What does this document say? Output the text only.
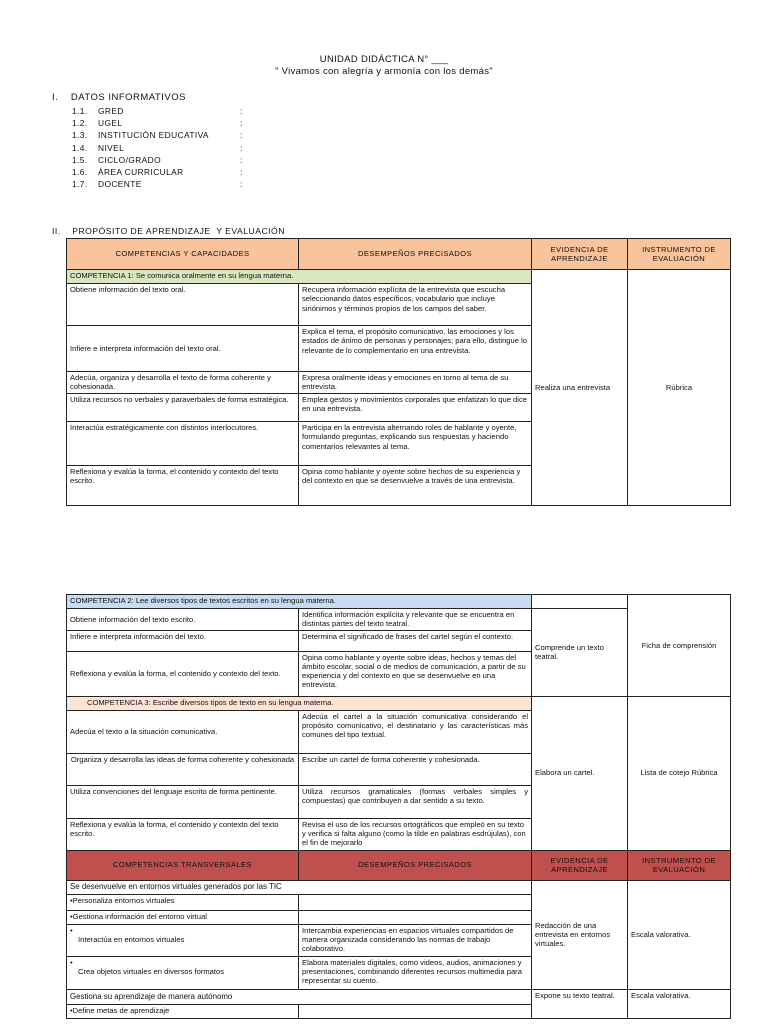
UNIDAD DIDÁCTICA N° ___
" Vivamos con alegría y armonía con los demás"
I.    DATOS INFORMATIVOS
1.1.	GRED	:
1.2.	UGEL	:
1.3.	INSTITUCIÓN EDUCATIVA	:
1.4.	NIVEL	:
1.5.	CICLO/GRADO	:
1.6.	ÁREA CURRICULAR	:
1.7.	DOCENTE	:
II.    PROPÓSITO DE APRENDIZAJE  Y EVALUACIÓN
COMPETENCIAS Y CAPACIDADES	DESEMPEÑOS PRECISADOS	EVIDENCIA DE APRENDIZAJE	INSTRUMENTO DE EVALUACIÓN
COMPETENCIA 1: Se comunica oralmente en su lengua materna.		Realiza una entrevista	Rúbrica
Obtiene información del texto oral.	Recupera información explícita de la entrevista que escucha seleccionando datos específicos, vocabulario que incluye sinónimos y términos propios de los campos del saber.		
Infiere e interpreta información del texto oral.	Explica el tema, el propósito comunicativo, las emociones y los estados de ánimo de personas y personajes; para ello, distingue lo relevante de lo complementario en una entrevista.		
Adecúa, organiza y desarrolla el texto de forma coherente y cohesionada.	Expresa oralmente ideas y emociones en torno al tema de su entrevista.		
Utiliza recursos no verbales y paraverbales de forma estratégica.	Emplea gestos y movimientos corporales que enfatizan lo que dice en una entrevista.		
Interactúa estratégicamente con distintos interlocutores.	Participa en la entrevista alternando roles de hablante y oyente, formulando preguntas, explicando sus respuestas y haciendo comentarios relevantes al tema.		
Reflexiona y evalúa la forma, el contenido y contexto del texto escrito.	Opina como hablante y oyente sobre hechos de su experiencia y del contexto en que se desenvuelve a través de una entrevista.		
COMPETENCIA 2: Lee diversos tipos de textos escritos en su lengua materna.			Ficha de comprensión
Obtiene información del texto escrito.	Identifica información explícita y relevante que se encuentra en distintas partes del texto teatral.	Comprende un texto teatral.	
Infiere e interpreta información del texto.	Determina el significado de frases del cartel según el contexto.		
Reflexiona y evalúa la forma, el contenido y contexto del texto.	Opina como hablante y oyente sobre ideas, hechos y temas del ámbito escolar, social o de medios de comunicación, a partir de su experiencia y del contexto en que se desenvuelve en una entrevista.		
COMPETENCIA 3: Escribe diversos tipos de texto en su lengua materna.		Elabora un cartel.	Lista de cotejo Rúbrica
Adecúa el texto a la situación comunicativa.	Adecúa el cartel a la situación comunicativa considerando el propósito comunicativo, el destinatario y las características más comunes del tipo textual.		
Organiza y desarrolla las ideas de forma coherente y cohesionada	Escribe un cartel de forma coherente y cohesionada.		
Utiliza convenciones del lenguaje escrito de forma pertinente.	Utiliza recursos gramaticales (formas verbales simples y compuestas) que contribuyen a dar sentido a su texto.		
Reflexiona y evalúa la forma, el contenido y contexto del texto escrito.	Revisa el uso de los recursos ortográficos que empleó en su texto y verifica si falta alguno (como la tilde en palabras esdrújulas), con el fin de mejorarlo		
COMPETENCIAS TRANSVERSALES	DESEMPEÑOS PRECISADOS	EVIDENCIA DE APRENDIZAJE	INSTRUMENTO DE EVALUACIÓN
Se desenvuelve en entornos virtuales generados por las TIC		Redacción de una entrevista en entornos virtuales.	Escala valorativa.
• Personaliza entornos virtuales	
• Gestiona información del entorno virtual	
•
Interactúa en entornos virtuales	Intercambia experiencias en espacios virtuales compartidos de manera organizada considerando las normas de trabajo colaborativo.		
•
Crea objetos virtuales en diversos formatos	Elabora materiales digitales, como videos, audios, animaciones y presentaciones, combinando diferentes recursos multimedia para representar su cuento.		
Gestiona su aprendizaje de manera autónomo		Expone su texto teatral.	Escala valorativa.
• Define metas de aprendizaje	
